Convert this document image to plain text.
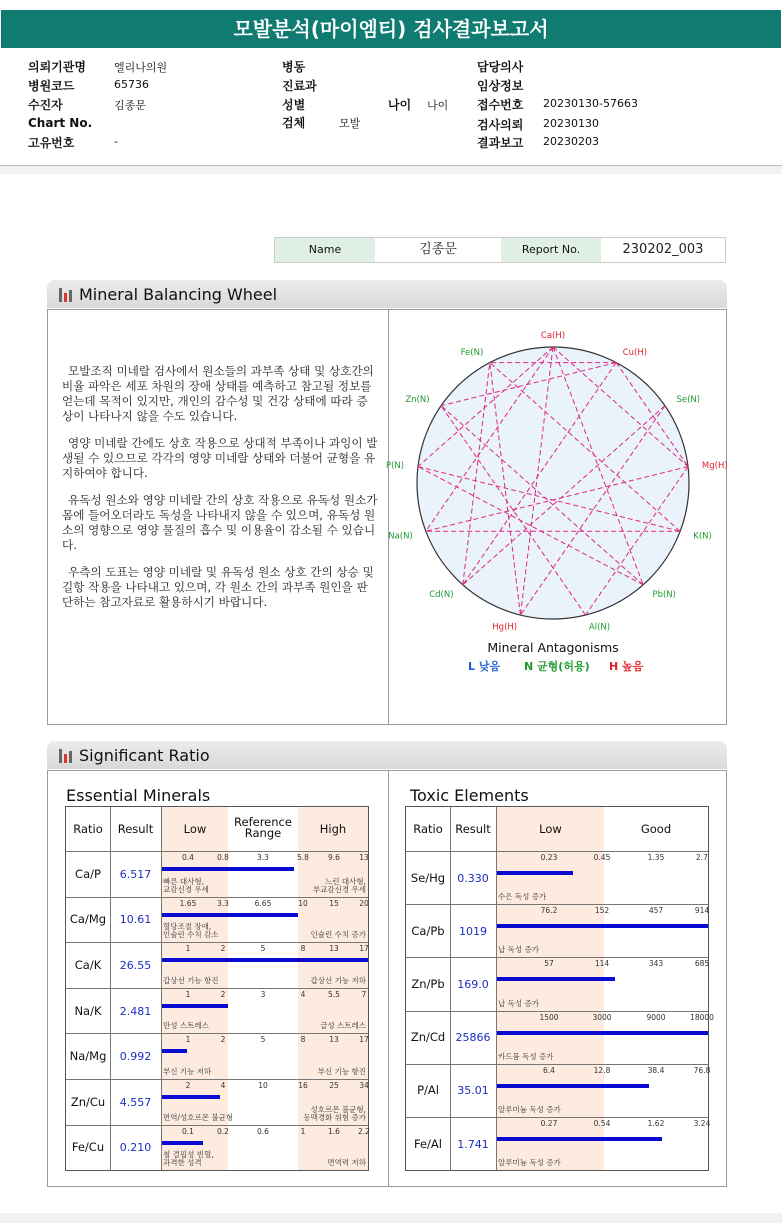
모발분석(마이엠티) 검사결과보고서
의뢰기관명	엘리나의원
병원코드	65736
수진자	김종문
Chart No.
고유번호	-
병동
진료과
성별	나이 나이
검체	모발
담당의사
임상정보
접수번호 20230130-57663
검사의뢰 20230130
결과보고 20230203
Name	김종문	Report No.	230202_003
Mineral Balancing Wheel

모발조직 미네랄 검사에서 원소들의 과부족 상태 및 상호간의 비율 파악은 세포 차원의 장애 상태를 예측하고 참고될 정보를 얻는데 목적이 있지만, 개인의 감수성 및 건강 상태에 따라 증상이 나타나지 않을 수도 있습니다.

영양 미네랄 간에도 상호 작용으로 상대적 부족이나 과잉이 발생될 수 있으므로 각각의 영양 미네랄 상태와 더불어 균형을 유지하여야 합니다.

유독성 원소와 영양 미네랄 간의 상호 작용으로 유독성 원소가 몸에 들어오더라도 독성을 나타내지 않을 수 있으며, 유독성 원소의 영향으로 영양 물질의 흡수 및 이용율이 감소될 수 있습니다.

우측의 도표는 영양 미네랄 및 유독성 원소 상호 간의 상승 및 길항 작용을 나타내고 있으며, 각 원소 간의 과부족 원인을 판단하는 참고자료로 활용하시기 바랍니다.

Ca(H)
Cu(H)
Se(N)
Mg(H)
K(N)
Pb(N)
Al(N)
Hg(H)
Cd(N)
Na(N)
P(N)
Zn(N)
Fe(N)
Mineral Antagonisms
L 낮음 N 균형(허용) H 높음
Significant Ratio
Essential Minerals	Toxic Elements
Ratio	Result	Low	Reference Range	High
Ca/P	6.517
0.4	0.8	3.3	5.8	9.6	13
빠른 대사형,
교감신경 우세
느린 대사형,
부교감신경 우세
Ca/Mg	10.61
1.65	3.3	6.65	10	15	20
혈당조절 장애,
인슐린 수치 감소	인슐린 수치 증가
Ca/K	26.55
1	2	5	8	13	17
갑상선 기능 항진	갑상선 기능 저하
Na/K	2.481
1	2	3	4	5.5	7
만성 스트레스	급성 스트레스
Na/Mg	0.992
1	2	5	8	13	17
부신 기능 저하	부신 기능 항진
Zn/Cu	4.557
2	4	10	16	25	34
면역/성호르몬 불균형
성호르몬 불균형,
동맥경화 위험 증가
Fe/Cu	0.210
0.1	0.2	0.6	1	1.6 2.2
철 결핍성 빈혈,
과격한 성격	면역력 저하
Ratio	Result	Low	Good
Se/Hg	0.330
0.23	0.45	1.35	2.7
수은 독성 증가
Ca/Pb	1019
76.2	152	457	914
납 독성 증가
Zn/Pb	169.0
57	114	343	685
납 독성 증가
Zn/Cd 25866
1500	3000	9000	18000
카드뮴 독성 증가
P/Al	35.01
6.4	12.8	38.4	76.8
알루미늄 독성 증가
Fe/Al	1.741
0.27	0.54	1.62	3.24
알루미늄 독성 증가
